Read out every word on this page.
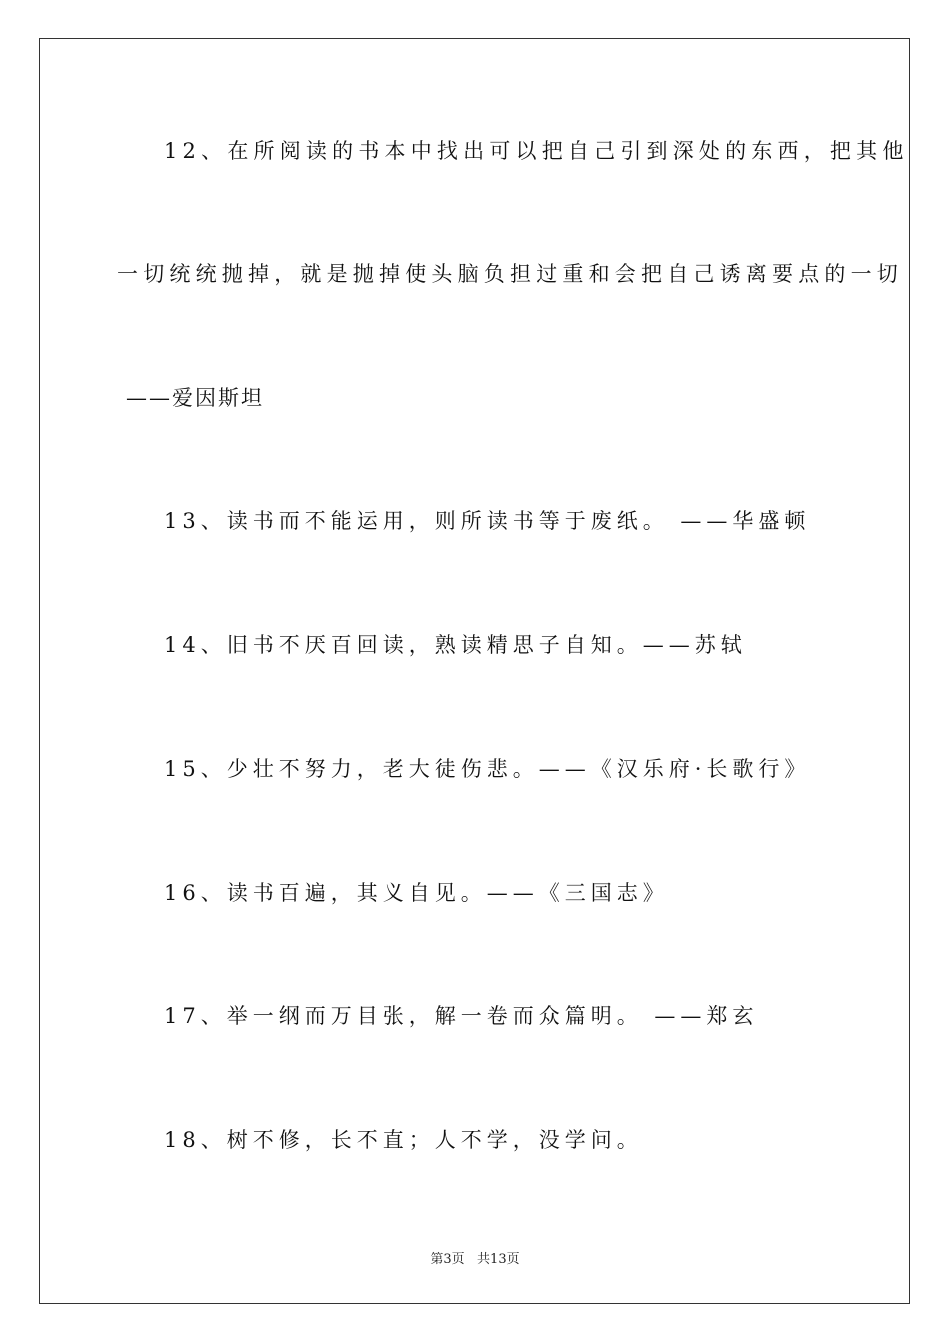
12、在所阅读的书本中找出可以把自己引到深处的东西，把其他
一切统统抛掉，就是抛掉使头脑负担过重和会把自己诱离要点的一切
——爱因斯坦
13、读书而不能运用，则所读书等于废纸。 ——华盛顿
14、旧书不厌百回读，熟读精思子自知。——苏轼
15、少壮不努力，老大徒伤悲。——《汉乐府·长歌行》
16、读书百遍，其义自见。——《三国志》
17、举一纲而万目张，解一卷而众篇明。 ——郑玄
18、树不修，长不直；人不学，没学问。
第3页   共13页
